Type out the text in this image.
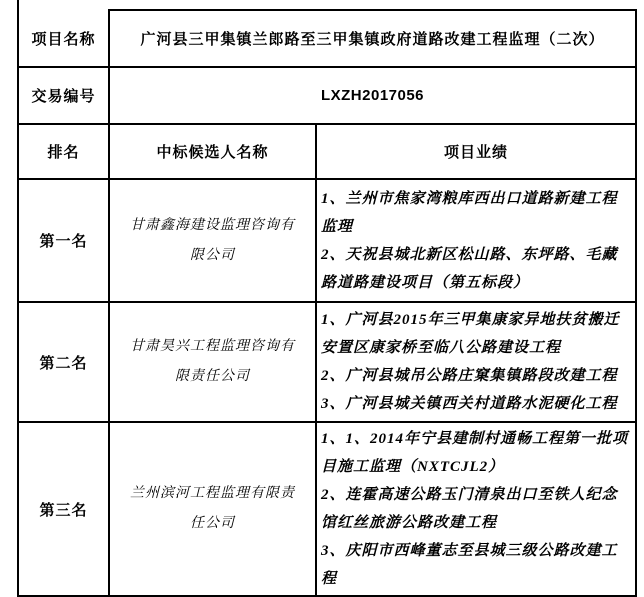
项目名称	广河县三甲集镇兰郎路至三甲集镇政府道路改建工程监理（二次）	
交易编号	LXZH2017056	
排名	中标候选人名称	项目业绩
第一名	甘肃鑫海建设监理咨询有限公司	1、兰州市焦家湾粮库西出口道路新建工程监理

2、天祝县城北新区松山路、东坪路、毛藏路道路建设项目（第五标段）

第二名	甘肃昊兴工程监理咨询有限责任公司	1、广河县2015年三甲集康家异地扶贫搬迁安置区康家桥至临八公路建设工程

2、广河县城吊公路庄窠集镇路段改建工程

3、广河县城关镇西关村道路水泥硬化工程

第三名	兰州滨河工程监理有限责任公司	1、1、2014年宁县建制村通畅工程第一批项目施工监理（NXTCJL2）

2、连霍高速公路玉门清泉出口至铁人纪念馆红丝旅游公路改建工程

3、庆阳市西峰董志至县城三级公路改建工程
